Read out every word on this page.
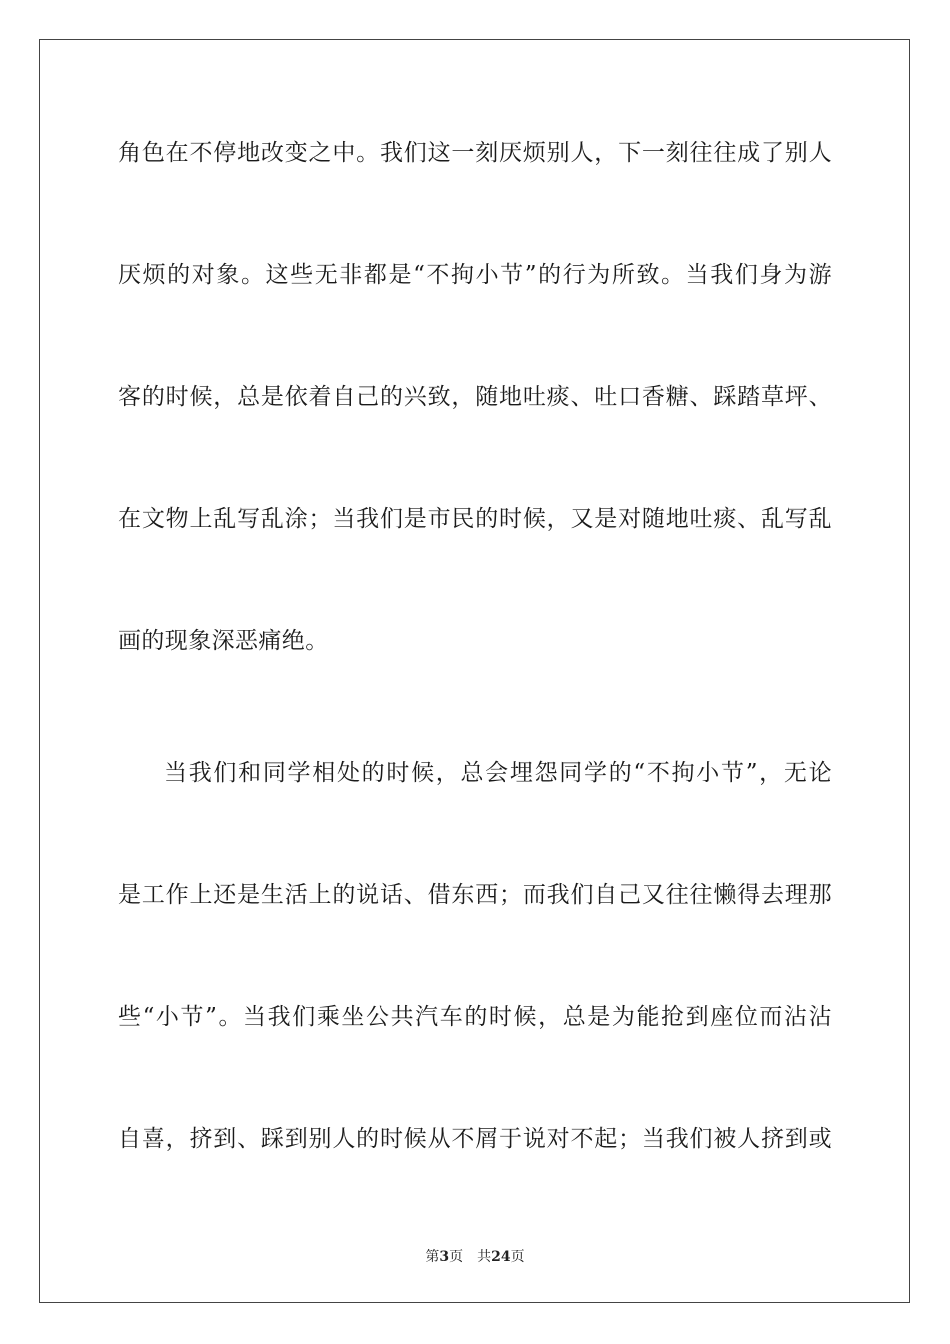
角色在不停地改变之中。我们这一刻厌烦别人，下一刻往往成了别人
厌烦的对象。这些无非都是“不拘小节”的行为所致。当我们身为游
客的时候，总是依着自己的兴致，随地吐痰、吐口香糖、踩踏草坪、
在文物上乱写乱涂；当我们是市民的时候，又是对随地吐痰、乱写乱
画的现象深恶痛绝。
当我们和同学相处的时候，总会埋怨同学的“不拘小节”，无论
是工作上还是生活上的说话、借东西；而我们自己又往往懒得去理那
些“小节”。当我们乘坐公共汽车的时候，总是为能抢到座位而沾沾
自喜，挤到、踩到别人的时候从不屑于说对不起；当我们被人挤到或
第3页 共24页
